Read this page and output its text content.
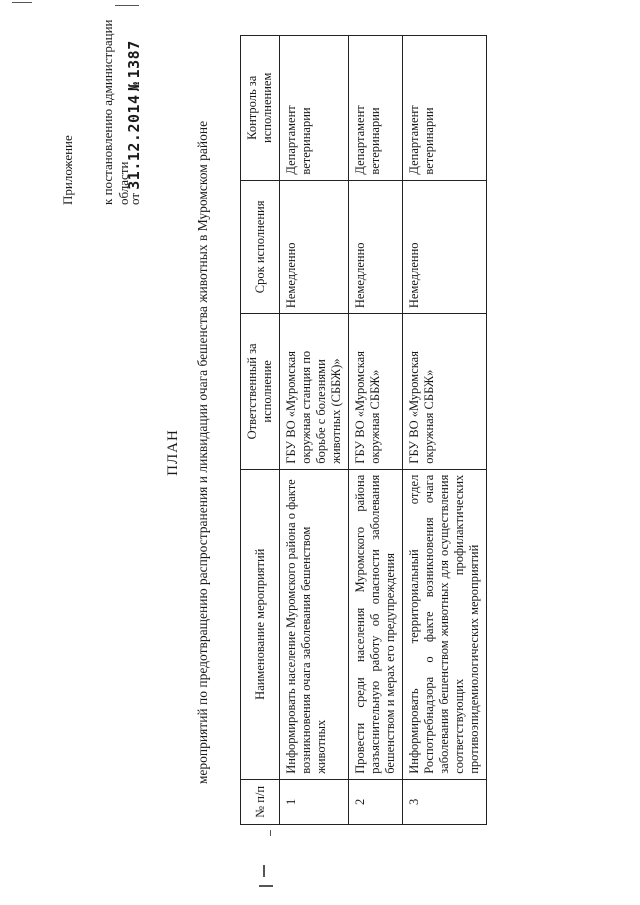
Приложение к постановлению администрации области
от 31.12.2014 № 1387
ПЛАН мероприятий по предотвращению распространения и ликвидации очага бешенства животных в Муромском районе
№ п/п	Наименование мероприятий	Ответственный за исполнение	Срок исполнения	Контроль за исполнением
1	Информировать население Муромского района о факте возникновения очага заболевания бешенством животных	ГБУ ВО «Муромская окружная станция по борьбе с болезнями животных (СББЖ)»	Немедленно	Департамент ветеринарии
2	Провести среди населения Муромского района разъяснительную работу об опасности заболевания бешенством и мерах его предупреждения	ГБУ ВО «Муромская окружная СББЖ»	Немедленно	Департамент ветеринарии
3	Информировать территориальный отдел Роспотребнадзора о факте возникновения очага заболевания бешенством животных для осуществления соответствующих профилактических противоэпидемиологических мероприятий	ГБУ ВО «Муромская окружная СББЖ»	Немедленно	Департамент ветеринарии
